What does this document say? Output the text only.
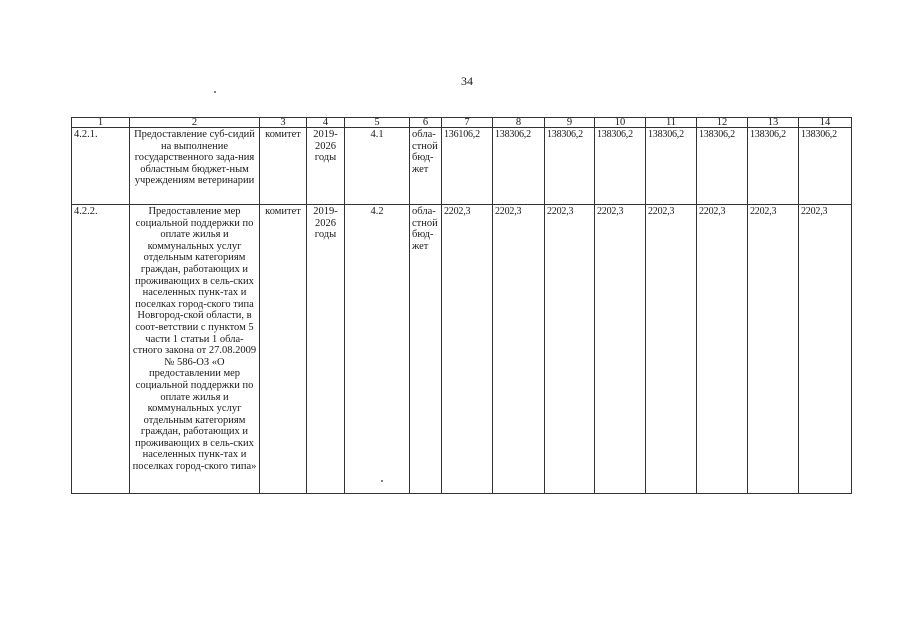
34
1	2	3	4	5	6	7	8	9	10	11	12	13	14
4.2.1.	Предоставление суб-сидий на выполнение государственного зада-ния областным бюджет-ным учреждениям ветеринарии	комитет	2019-2026 годы	4.1	обла-стной бюд-жет	136106,2	138306,2	138306,2	138306,2	138306,2	138306,2	138306,2	138306,2
4.2.2.	Предоставление мер социальной поддержки по оплате жилья и коммунальных услуг отдельным категориям граждан, работающих и проживающих в сель-ских населенных пунк-тах и поселках город-ского типа Новгород-ской области, в соот-ветствии с пунктом 5 части 1 статьи 1 обла-стного закона от 27.08.2009 № 586-ОЗ «О предоставлении мер социальной поддержки по оплате жилья и коммунальных услуг отдельным категориям граждан, работающих и проживающих в сель-ских населенных пунк-тах и поселках город-ского типа»	комитет	2019-2026 годы	4.2	обла-стной бюд-жет	2202,3	2202,3	2202,3	2202,3	2202,3	2202,3	2202,3	2202,3
